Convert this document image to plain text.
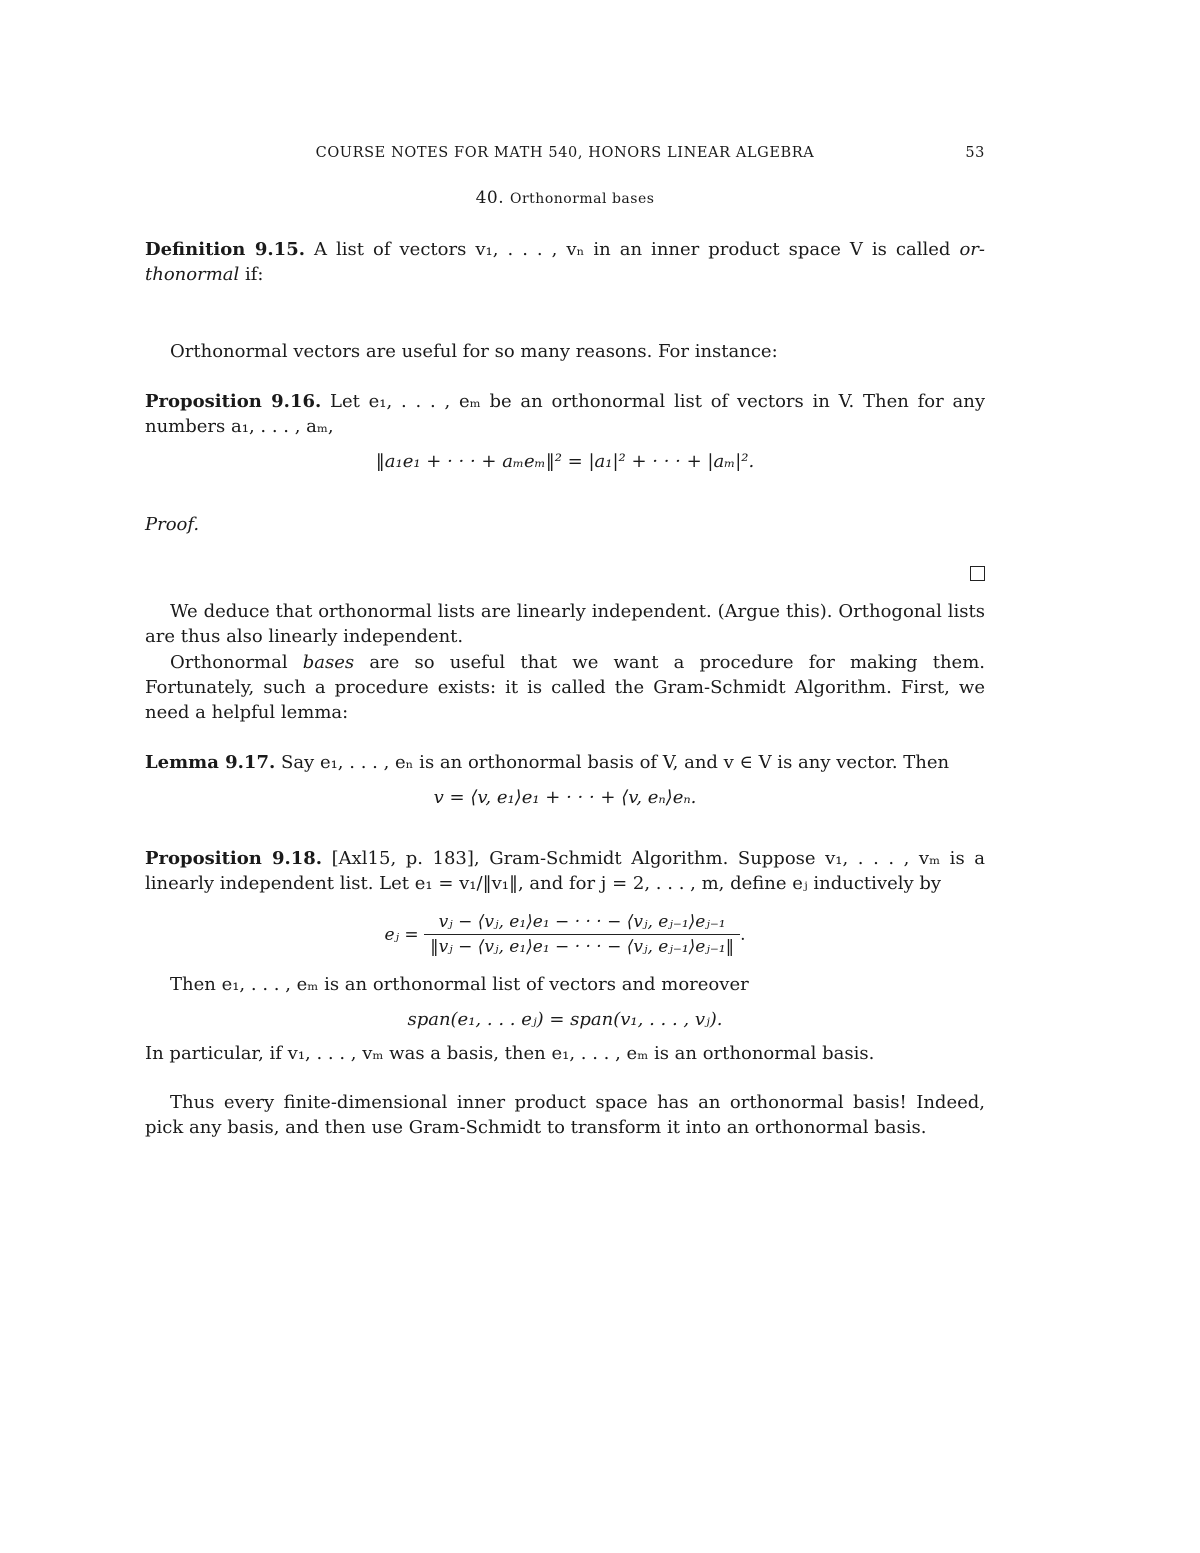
COURSE NOTES FOR MATH 540, HONORS LINEAR ALGEBRA	53
40. Orthonormal bases
Definition 9.15. A list of vectors v₁, . . . , vₙ in an inner product space V is called or-thonormal if:
Orthonormal vectors are useful for so many reasons. For instance:
Proposition 9.16. Let e₁, . . . , eₘ be an orthonormal list of vectors in V. Then for any numbers a₁, . . . , aₘ,
‖a₁e₁ + · · · + aₘeₘ‖² = |a₁|² + · · · + |aₘ|².
Proof.
We deduce that orthonormal lists are linearly independent. (Argue this). Orthogonal lists are thus also linearly independent.
Orthonormal bases are so useful that we want a procedure for making them. Fortunately, such a procedure exists: it is called the Gram-Schmidt Algorithm. First, we need a helpful lemma:
Lemma 9.17. Say e₁, . . . , eₙ is an orthonormal basis of V, and v ∈ V is any vector. Then
v = ⟨v, e₁⟩e₁ + · · · + ⟨v, eₙ⟩eₙ.
Proposition 9.18. [Axl15, p. 183], Gram-Schmidt Algorithm. Suppose v₁, . . . , vₘ is a linearly independent list. Let e₁ = v₁/‖v₁‖, and for j = 2, . . . , m, define eⱼ inductively by
eⱼ = $\frac{\text{vⱼ − ⟨vⱼ, e₁⟩e₁ − · · · − ⟨vⱼ, eⱼ₋₁⟩eⱼ₋₁}}{\text{‖vⱼ − ⟨vⱼ, e₁⟩e₁ − · · · − ⟨vⱼ, eⱼ₋₁⟩eⱼ₋₁‖}}$ .
Then e₁, . . . , eₘ is an orthonormal list of vectors and moreover
span(e₁, . . . eⱼ) = span(v₁, . . . , vⱼ).
In particular, if v₁, . . . , vₘ was a basis, then e₁, . . . , eₘ is an orthonormal basis.
Thus every finite-dimensional inner product space has an orthonormal basis! Indeed, pick any basis, and then use Gram-Schmidt to transform it into an orthonormal basis.
